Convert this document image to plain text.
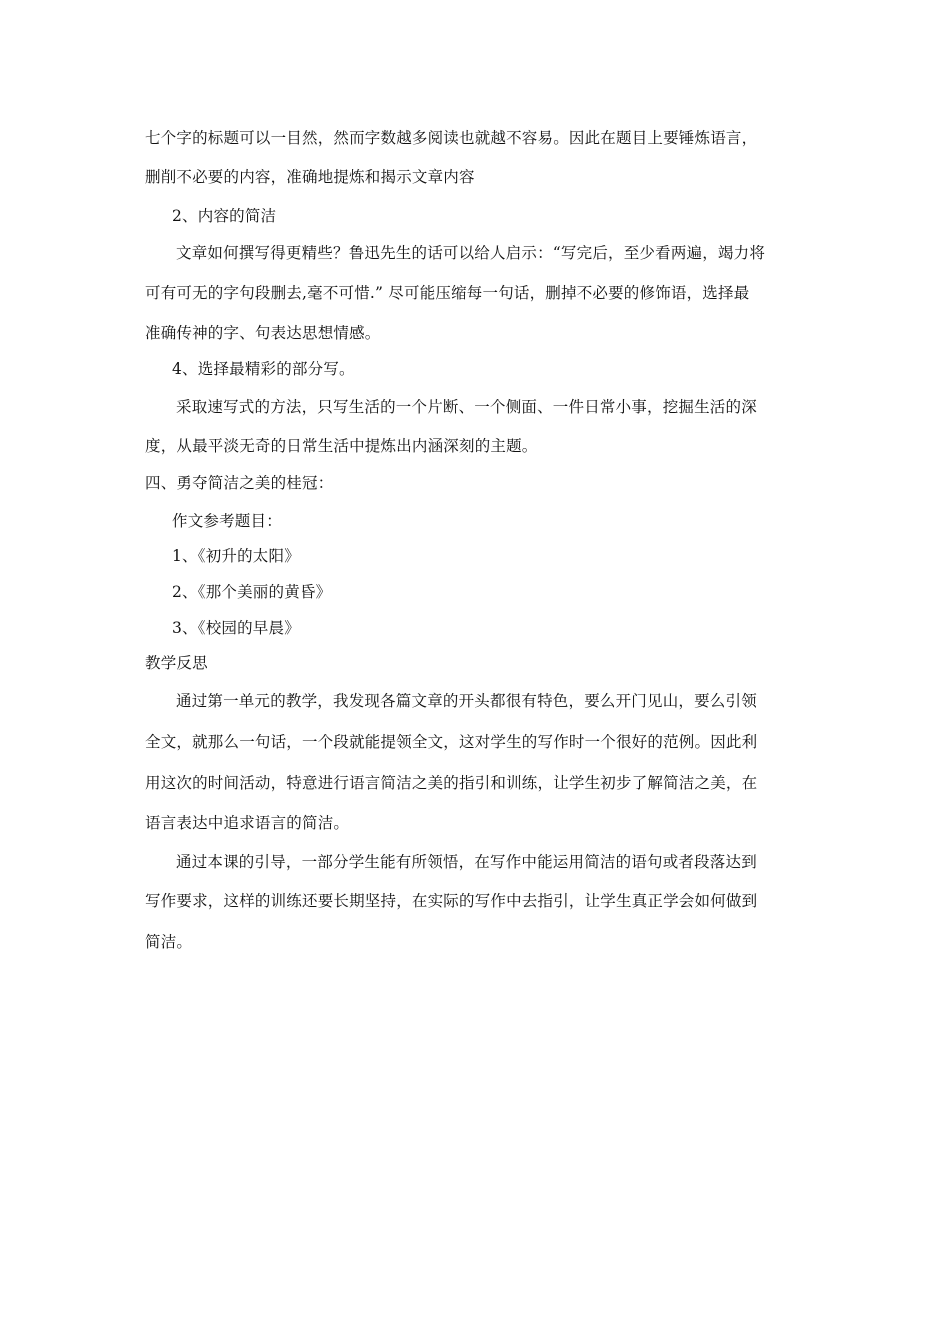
七个字的标题可以一目然，然而字数越多阅读也就越不容易。因此在题目上要锤炼语言，
删削不必要的内容，准确地提炼和揭示文章内容
2、内容的简洁
文章如何撰写得更精些？鲁迅先生的话可以给人启示：“写完后，至少看两遍，竭力将
可有可无的字句段删去,毫不可惜.” 尽可能压缩每一句话，删掉不必要的修饰语，选择最
准确传神的字、句表达思想情感。
4、选择最精彩的部分写。
采取速写式的方法，只写生活的一个片断、一个侧面、一件日常小事，挖掘生活的深
度，从最平淡无奇的日常生活中提炼出内涵深刻的主题。
四、勇夺简洁之美的桂冠：
作文参考题目：
1、《初升的太阳》
2、《那个美丽的黄昏》
3、《校园的早晨》
教学反思
通过第一单元的教学，我发现各篇文章的开头都很有特色，要么开门见山，要么引领
全文，就那么一句话，一个段就能提领全文，这对学生的写作时一个很好的范例。因此利
用这次的时间活动，特意进行语言简洁之美的指引和训练，让学生初步了解简洁之美，在
语言表达中追求语言的简洁。
通过本课的引导，一部分学生能有所领悟，在写作中能运用简洁的语句或者段落达到
写作要求，这样的训练还要长期坚持，在实际的写作中去指引，让学生真正学会如何做到
简洁。
